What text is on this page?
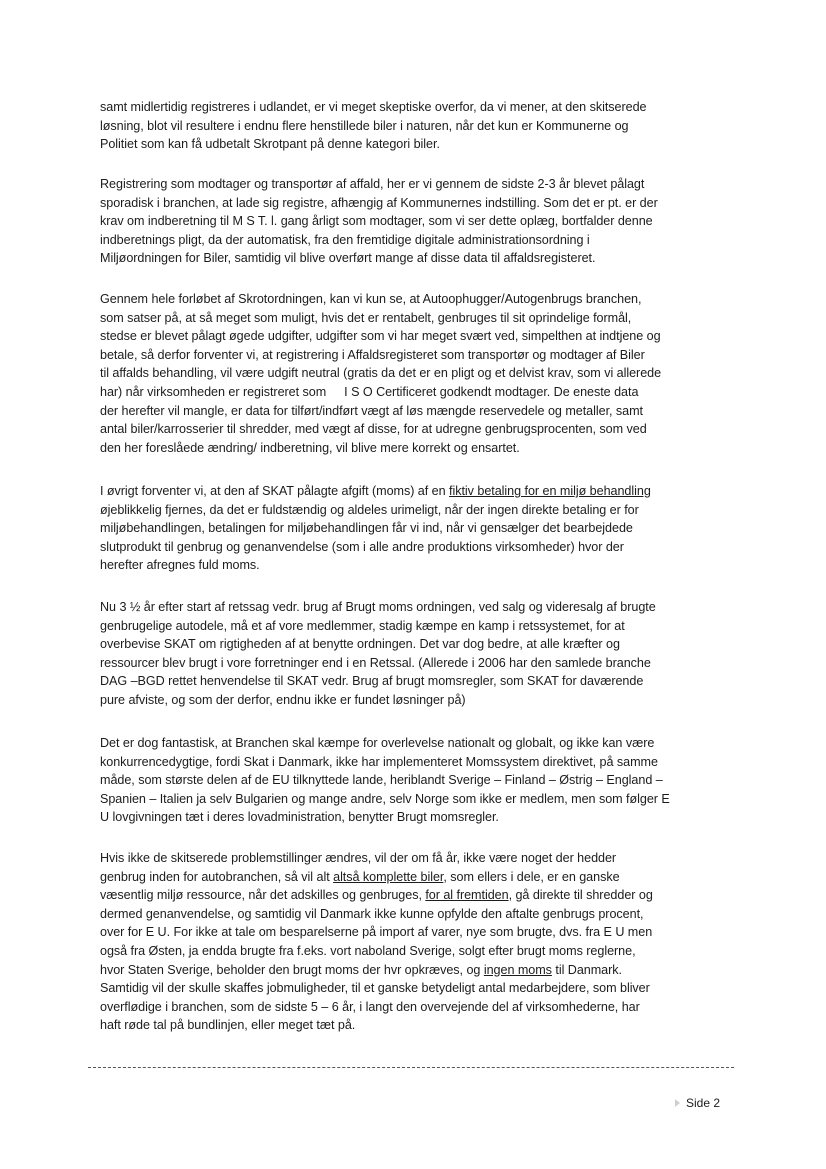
samt midlertidig registreres i udlandet, er vi meget skeptiske overfor, da vi mener, at den skitserede
løsning, blot vil resultere i endnu flere henstillede biler i naturen, når det kun er Kommunerne og
Politiet som kan få udbetalt Skrotpant på denne kategori biler.

Registrering som modtager og transportør af affald, her er vi gennem de sidste 2-3 år blevet pålagt
sporadisk i branchen, at lade sig registre, afhængig af Kommunernes indstilling. Som det er pt. er der
krav om indberetning til M S T. l. gang årligt som modtager, som vi ser dette oplæg, bortfalder denne
indberetnings pligt, da der automatisk, fra den fremtidige digitale administrationsordning i
Miljøordningen for Biler, samtidig vil blive overført mange af disse data til affaldsregisteret.

Gennem hele forløbet af Skrotordningen, kan vi kun se, at Autoophugger/Autogenbrugs branchen,
som satser på, at så meget som muligt, hvis det er rentabelt, genbruges til sit oprindelige formål,
stedse er blevet pålagt øgede udgifter, udgifter som vi har meget svært ved, simpelthen at indtjene og
betale, så derfor forventer vi, at registrering i Affaldsregisteret som transportør og modtager af Biler
til affalds behandling, vil være udgift neutral (gratis da det er en pligt og et delvist krav, som vi allerede
har) når virksomheden er registreret som I S O Certificeret godkendt modtager. De eneste data
der herefter vil mangle, er data for tilført/indført vægt af løs mængde reservedele og metaller, samt
antal biler/karrosserier til shredder, med vægt af disse, for at udregne genbrugsprocenten, som ved
den her foreslåede ændring/ indberetning, vil blive mere korrekt og ensartet.

I øvrigt forventer vi, at den af SKAT pålagte afgift (moms) af en fiktiv betaling for en miljø behandling
øjeblikkelig fjernes, da det er fuldstændig og aldeles urimeligt, når der ingen direkte betaling er for
miljøbehandlingen, betalingen for miljøbehandlingen får vi ind, når vi gensælger det bearbejdede
slutprodukt til genbrug og genanvendelse (som i alle andre produktions virksomheder) hvor der
herefter afregnes fuld moms.

Nu 3 ½ år efter start af retssag vedr. brug af Brugt moms ordningen, ved salg og videresalg af brugte
genbrugelige autodele, må et af vore medlemmer, stadig kæmpe en kamp i retssystemet, for at
overbevise SKAT om rigtigheden af at benytte ordningen. Det var dog bedre, at alle kræfter og
ressourcer blev brugt i vore forretninger end i en Retssal. (Allerede i 2006 har den samlede branche
DAG –BGD rettet henvendelse til SKAT vedr. Brug af brugt momsregler, som SKAT for daværende
pure afviste, og som der derfor, endnu ikke er fundet løsninger på)

Det er dog fantastisk, at Branchen skal kæmpe for overlevelse nationalt og globalt, og ikke kan være
konkurrencedygtige, fordi Skat i Danmark, ikke har implementeret Momssystem direktivet, på samme
måde, som største delen af de EU tilknyttede lande, heriblandt Sverige – Finland – Østrig – England –
Spanien – Italien ja selv Bulgarien og mange andre, selv Norge som ikke er medlem, men som følger E
U lovgivningen tæt i deres lovadministration, benytter Brugt momsregler.

Hvis ikke de skitserede problemstillinger ændres, vil der om få år, ikke være noget der hedder
genbrug inden for autobranchen, så vil alt altså komplette biler, som ellers i dele, er en ganske
væsentlig miljø ressource, når det adskilles og genbruges, for al fremtiden, gå direkte til shredder og
dermed genanvendelse, og samtidig vil Danmark ikke kunne opfylde den aftalte genbrugs procent,
over for E U. For ikke at tale om besparelserne på import af varer, nye som brugte, dvs. fra E U men
også fra Østen, ja endda brugte fra f.eks. vort naboland Sverige, solgt efter brugt moms reglerne,
hvor Staten Sverige, beholder den brugt moms der hvr opkræves, og ingen moms til Danmark.
Samtidig vil der skulle skaffes jobmuligheder, til et ganske betydeligt antal medarbejdere, som bliver
overflødige i branchen, som de sidste 5 – 6 år, i langt den overvejende del af virksomhederne, har
haft røde tal på bundlinjen, eller meget tæt på.

Side 2
